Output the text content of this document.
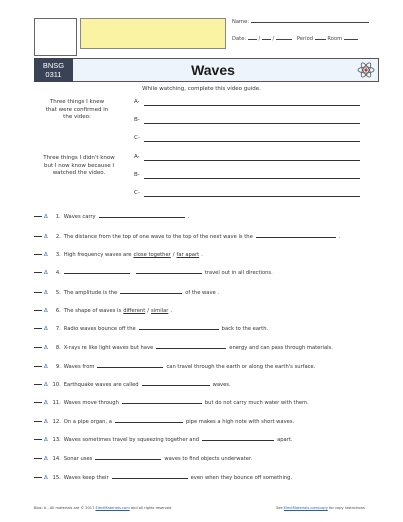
Name:
Date:  /  /	Period	Room
BNSG
0311	Waves
While watching, complete this video guide.
Three things I knew
that were confirmed in
the video:
A-
B-
C-
Three things I didn't know
but I now know because I
watched the video.
A-
B-
C-
Δ 1. Waves carry	.
Δ 2. The distance from the top of one wave to the top of the next wave is the	.
Δ 3. High frequency waves are close together / far apart .
Δ 4.	travel out in all directions.
Δ 5. The amplitude is the	of the wave .
Δ 6. The shape of waves is different / similar .
Δ 7. Radio waves bounce off the	back to the earth.
Δ 8. X-rays re like light waves but have	energy and can pass through materials.
Δ 9. Waves from	can travel through the earth or along the earth's surface.
Δ 10. Earthquake waves are called	waves.
Δ 11. Waves move through	but do not carry much water with them.
Δ 12. On a pipe organ, a	pipe makes a high note with short waves.
Δ 13. Waves sometimes travel by squeezing together and	apart.
Δ 14. Sonar uses	waves to find objects underwater.
Δ 15. Waves keep their	even when they bounce off something.
Bios: A - All materials are © 2017 ElectMaterials.com and all rights reserved	See ElectMaterials.com/copy for copy restrictions
